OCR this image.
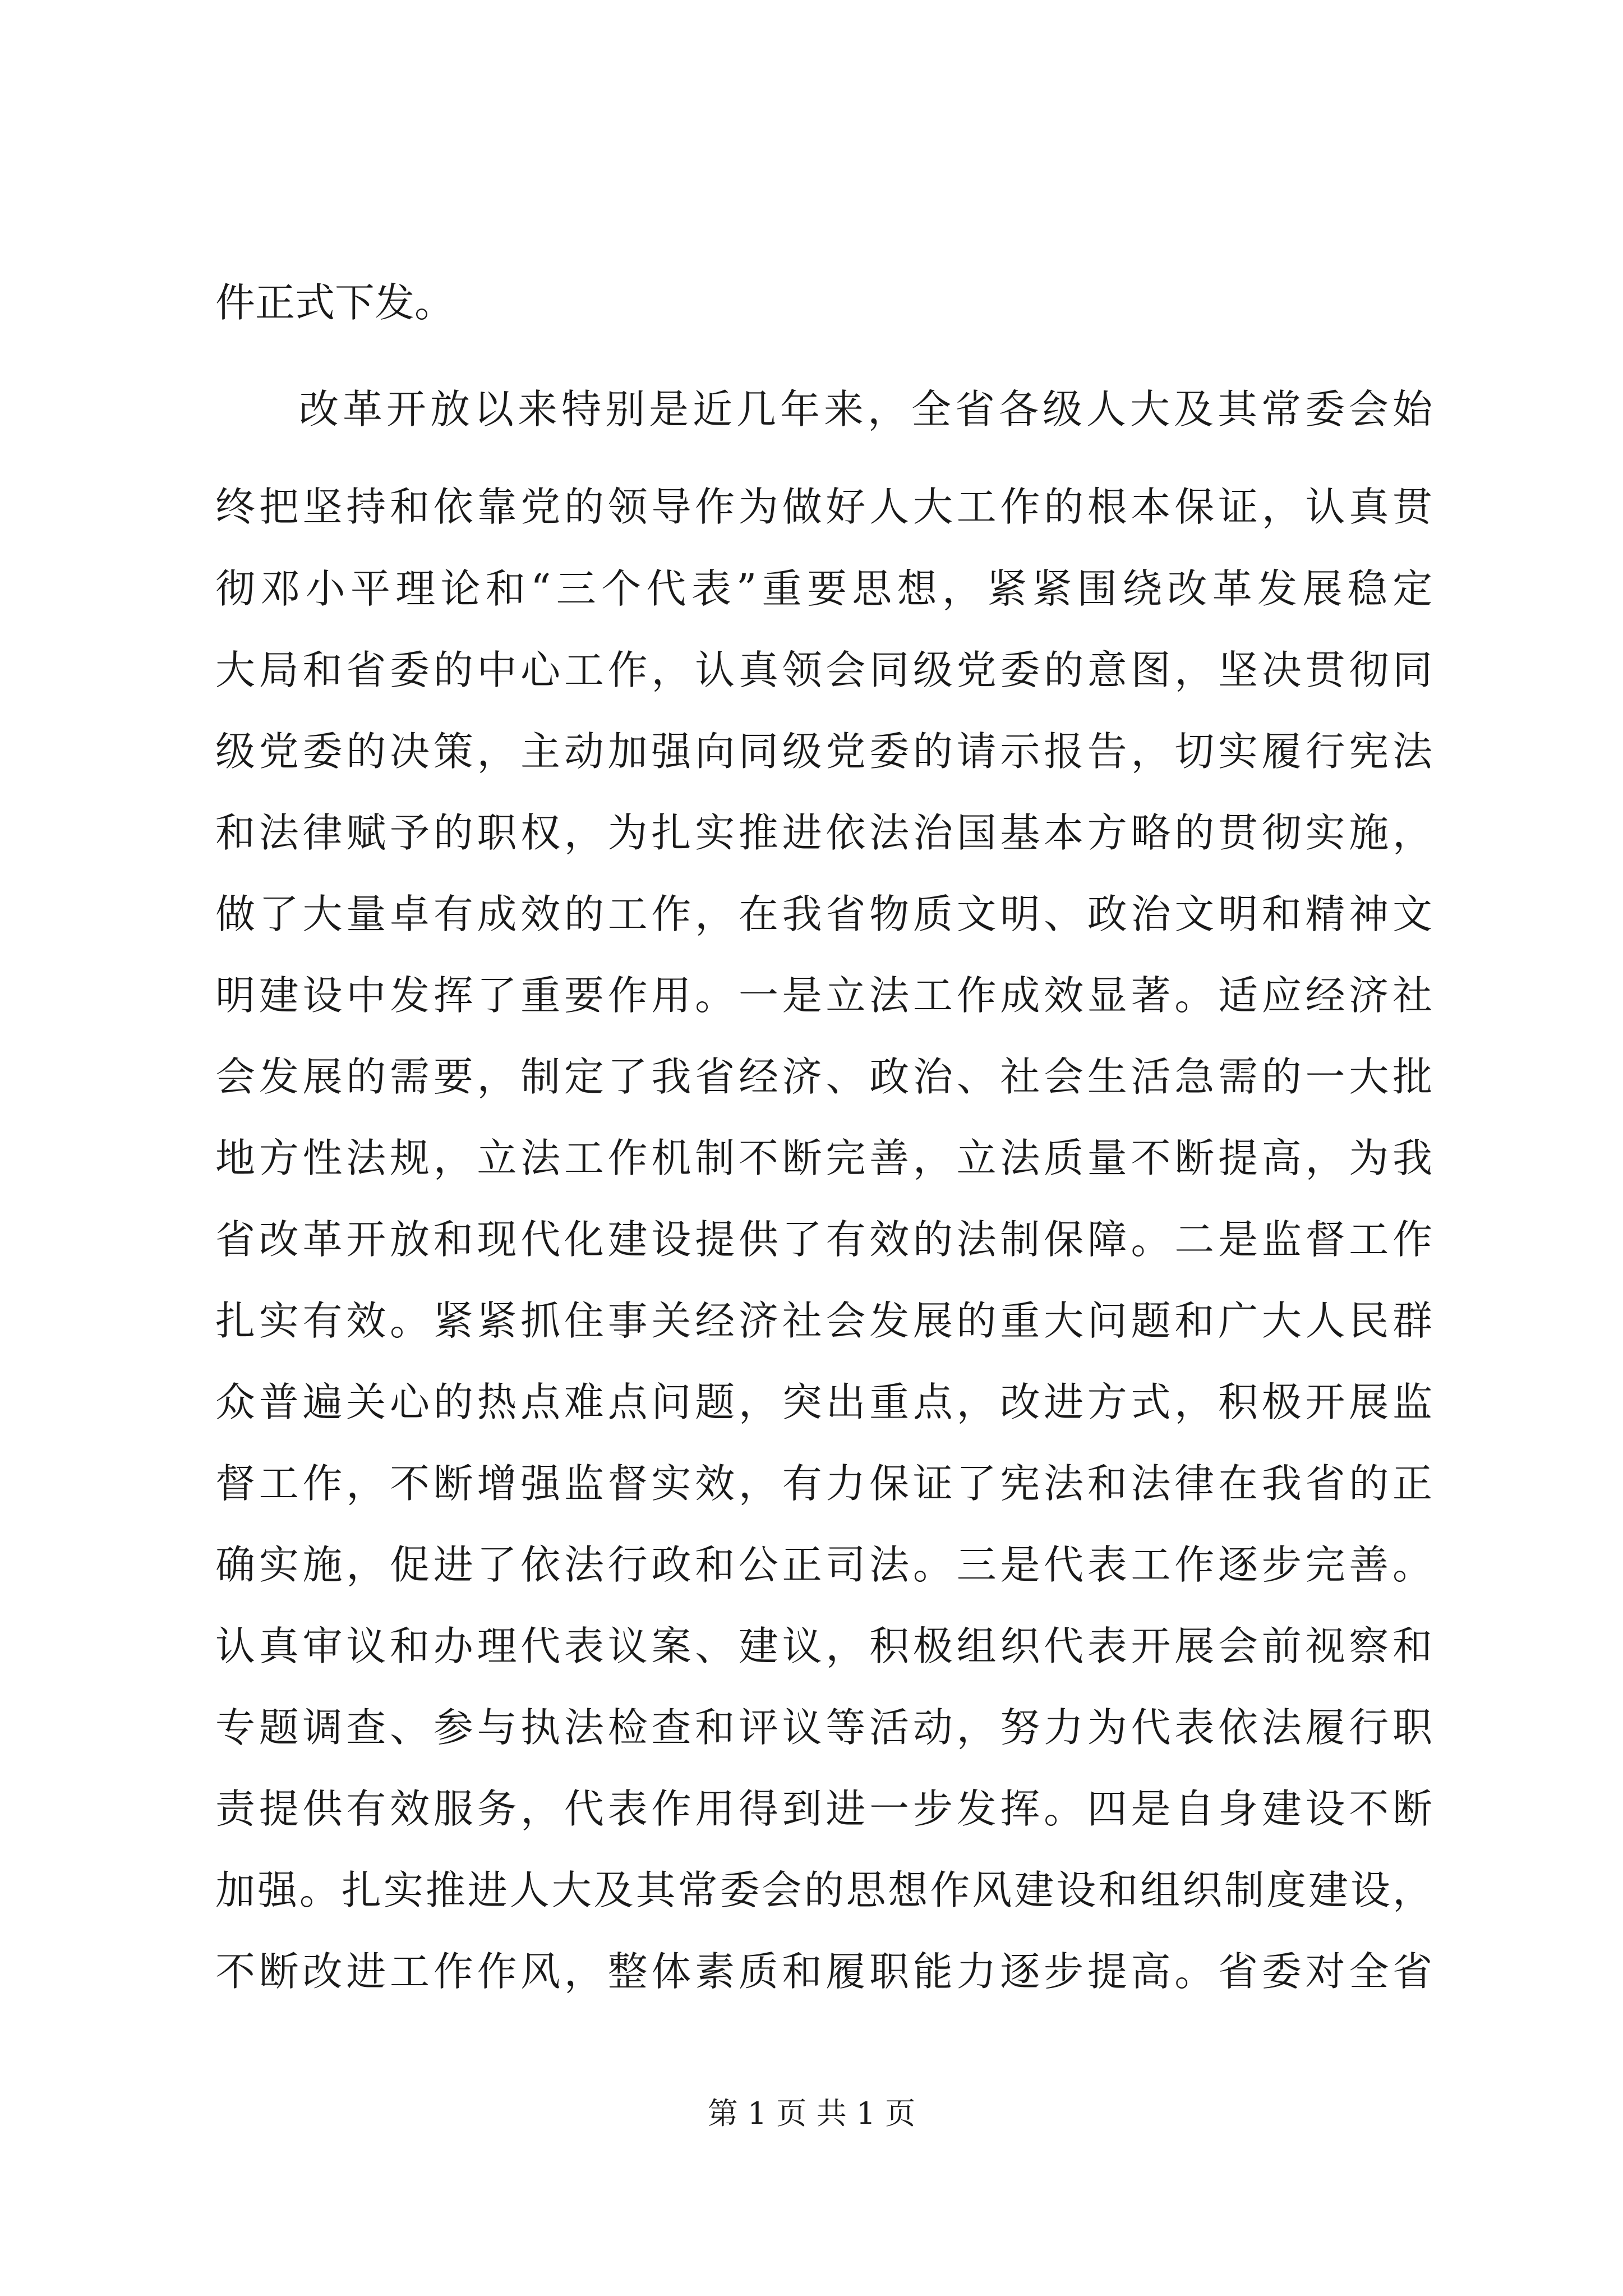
件正式下发。
改革开放以来特别是近几年来，全省各级人大及其常委会始
终把坚持和依靠党的领导作为做好人大工作的根本保证，认真贯
彻邓小平理论和“三个代表”重要思想，紧紧围绕改革发展稳定
大局和省委的中心工作，认真领会同级党委的意图，坚决贯彻同
级党委的决策，主动加强向同级党委的请示报告，切实履行宪法
和法律赋予的职权，为扎实推进依法治国基本方略的贯彻实施，
做了大量卓有成效的工作，在我省物质文明、政治文明和精神文
明建设中发挥了重要作用。一是立法工作成效显著。适应经济社
会发展的需要，制定了我省经济、政治、社会生活急需的一大批
地方性法规，立法工作机制不断完善，立法质量不断提高，为我
省改革开放和现代化建设提供了有效的法制保障。二是监督工作
扎实有效。紧紧抓住事关经济社会发展的重大问题和广大人民群
众普遍关心的热点难点问题，突出重点，改进方式，积极开展监
督工作，不断增强监督实效，有力保证了宪法和法律在我省的正
确实施，促进了依法行政和公正司法。三是代表工作逐步完善。
认真审议和办理代表议案、建议，积极组织代表开展会前视察和
专题调查、参与执法检查和评议等活动，努力为代表依法履行职
责提供有效服务，代表作用得到进一步发挥。四是自身建设不断
加强。扎实推进人大及其常委会的思想作风建设和组织制度建设，
不断改进工作作风，整体素质和履职能力逐步提高。省委对全省
第 1 页 共 1 页
